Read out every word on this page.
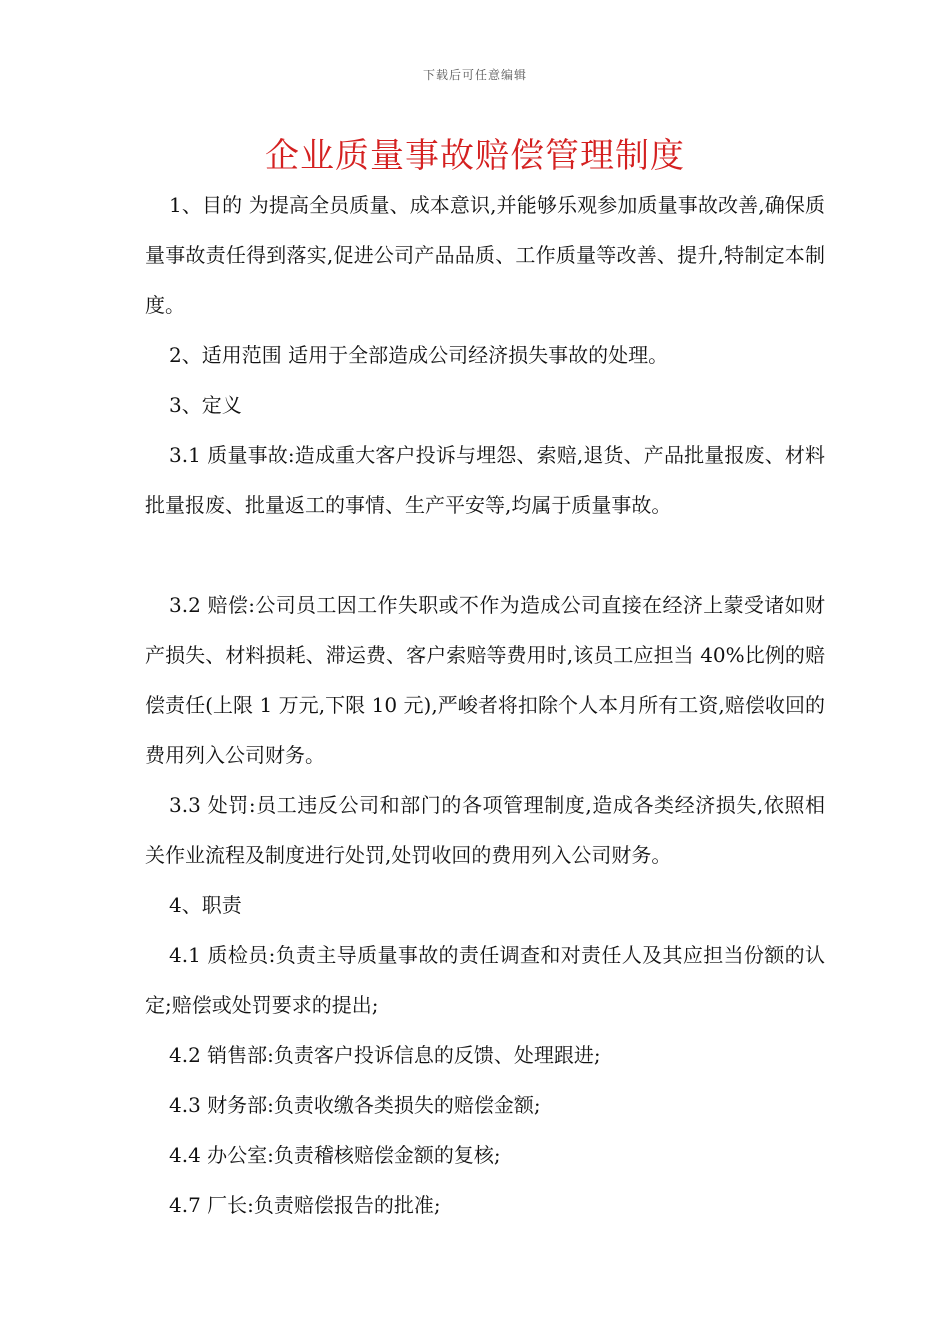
下载后可任意编辑
企业质量事故赔偿管理制度

1、目的 为提高全员质量、成本意识,并能够乐观参加质量事故改善,确保质量事故责任得到落实,促进公司产品品质、工作质量等改善、提升,特制定本制度。

2、适用范围 适用于全部造成公司经济损失事故的处理。

3、定义

3.1 质量事故:造成重大客户投诉与埋怨、索赔,退货、产品批量报废、材料批量报废、批量返工的事情、生产平安等,均属于质量事故。

3.2 赔偿:公司员工因工作失职或不作为造成公司直接在经济上蒙受诸如财产损失、材料损耗、滞运费、客户索赔等费用时,该员工应担当 40%比例的赔偿责任(上限 1 万元,下限 10 元),严峻者将扣除个人本月所有工资,赔偿收回的费用列入公司财务。

3.3 处罚:员工违反公司和部门的各项管理制度,造成各类经济损失,依照相关作业流程及制度进行处罚,处罚收回的费用列入公司财务。

4、职责

4.1 质检员:负责主导质量事故的责任调查和对责任人及其应担当份额的认定;赔偿或处罚要求的提出;

4.2 销售部:负责客户投诉信息的反馈、处理跟进;

4.3 财务部:负责收缴各类损失的赔偿金额;

4.4 办公室:负责稽核赔偿金额的复核;

4.7 厂长:负责赔偿报告的批准;
